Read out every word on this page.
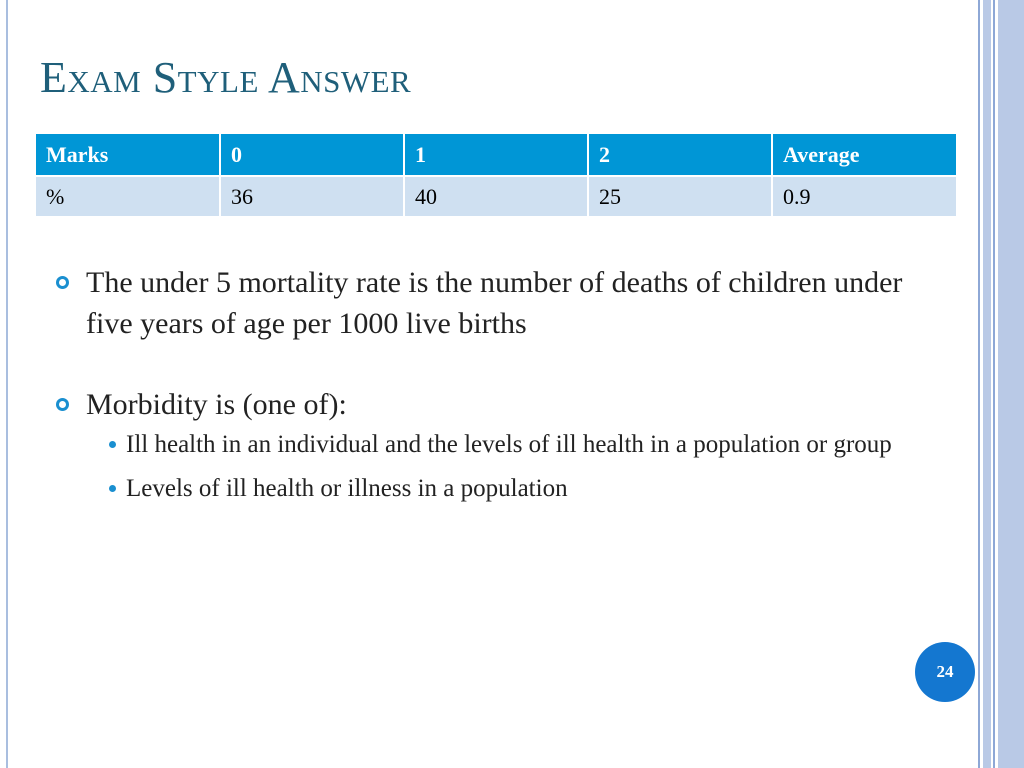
Exam Style Answer
Marks	0	1	2	Average
%	36	40	25	0.9
The under 5 mortality rate is the number of deaths of children under five years of age per 1000 live births
Morbidity is (one of):
Ill health in an individual and the levels of ill health in a population or group
Levels of ill health or illness in a population
24
